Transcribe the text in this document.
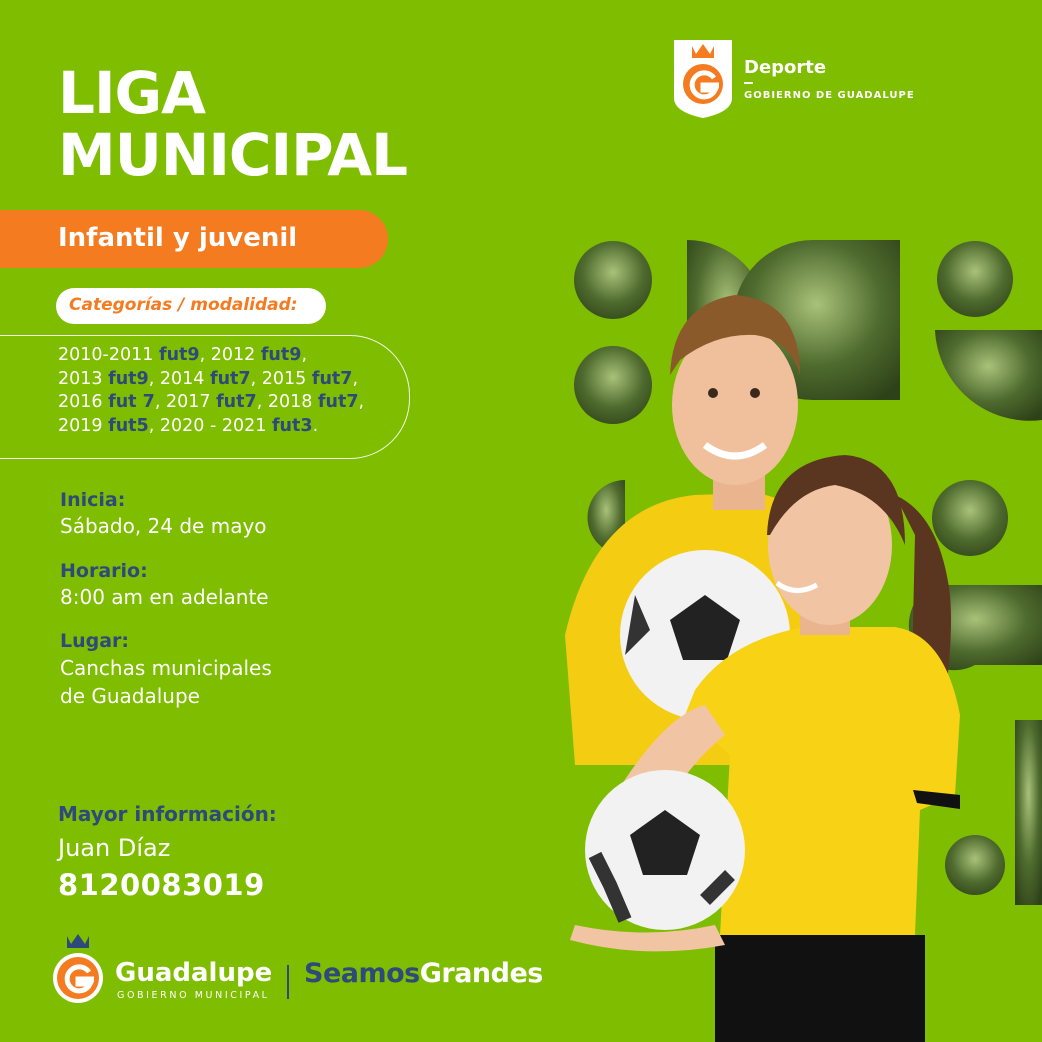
LIGA
MUNICIPAL
Infantil y juvenil
Categorías / modalidad:
2010-2011 fut9, 2012 fut9,
2013 fut9, 2014 fut7, 2015 fut7,
2016 fut 7, 2017 fut7, 2018 fut7,
2019 fut5, 2020 - 2021 fut3.
Inicia:
Sábado, 24 de mayo
Horario:
8:00 am en adelante
Lugar:
Canchas municipales
de Guadalupe
Mayor información:
Juan Díaz
8120083019
Deporte
GOBIERNO DE GUADALUPE
Guadalupe
GOBIERNO MUNICIPAL
SeamosGrandes
